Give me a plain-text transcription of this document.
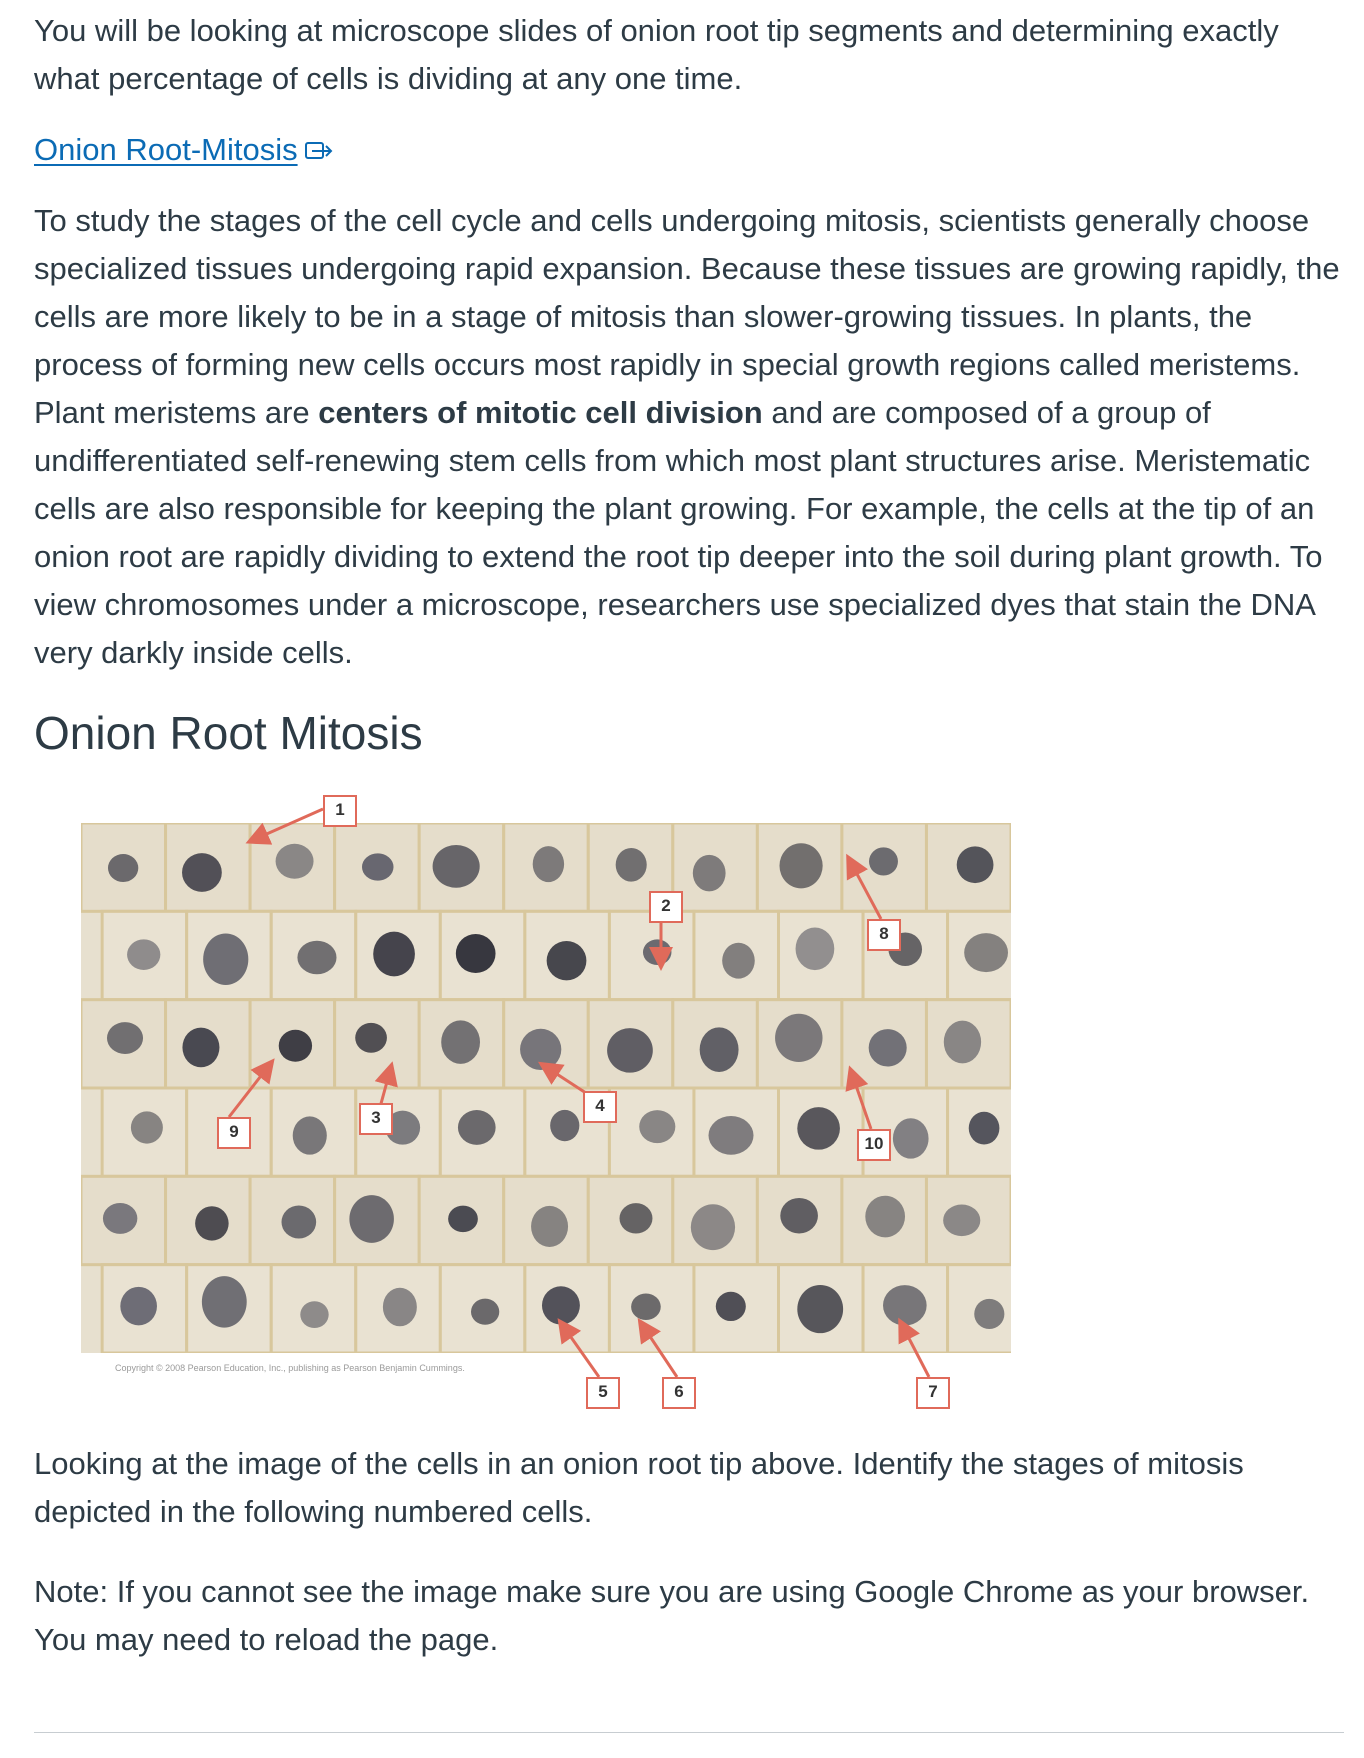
You will be looking at microscope slides of onion root tip segments and determining exactly what percentage of cells is dividing at any one time.

Onion Root-Mitosis

To study the stages of the cell cycle and cells undergoing mitosis, scientists generally choose specialized tissues undergoing rapid expansion. Because these tissues are growing rapidly, the cells are more likely to be in a stage of mitosis than slower-growing tissues. In plants, the process of forming new cells occurs most rapidly in special growth regions called meristems. Plant meristems are centers of mitotic cell division and are composed of a group of undifferentiated self-renewing stem cells from which most plant structures arise. Meristematic cells are also responsible for keeping the plant growing. For example, the cells at the tip of an onion root are rapidly dividing to extend the root tip deeper into the soil during plant growth. To view chromosomes under a microscope, researchers use specialized dyes that stain the DNA very darkly inside cells.

Onion Root Mitosis
Copyright © 2008 Pearson Education, Inc., publishing as Pearson Benjamin Cummings.
1
2
3
4
5	6	7
8
9
10

Looking at the image of the cells in an onion root tip above. Identify the stages of mitosis depicted in the following numbered cells.

Note: If you cannot see the image make sure you are using Google Chrome as your browser. You may need to reload the page.
